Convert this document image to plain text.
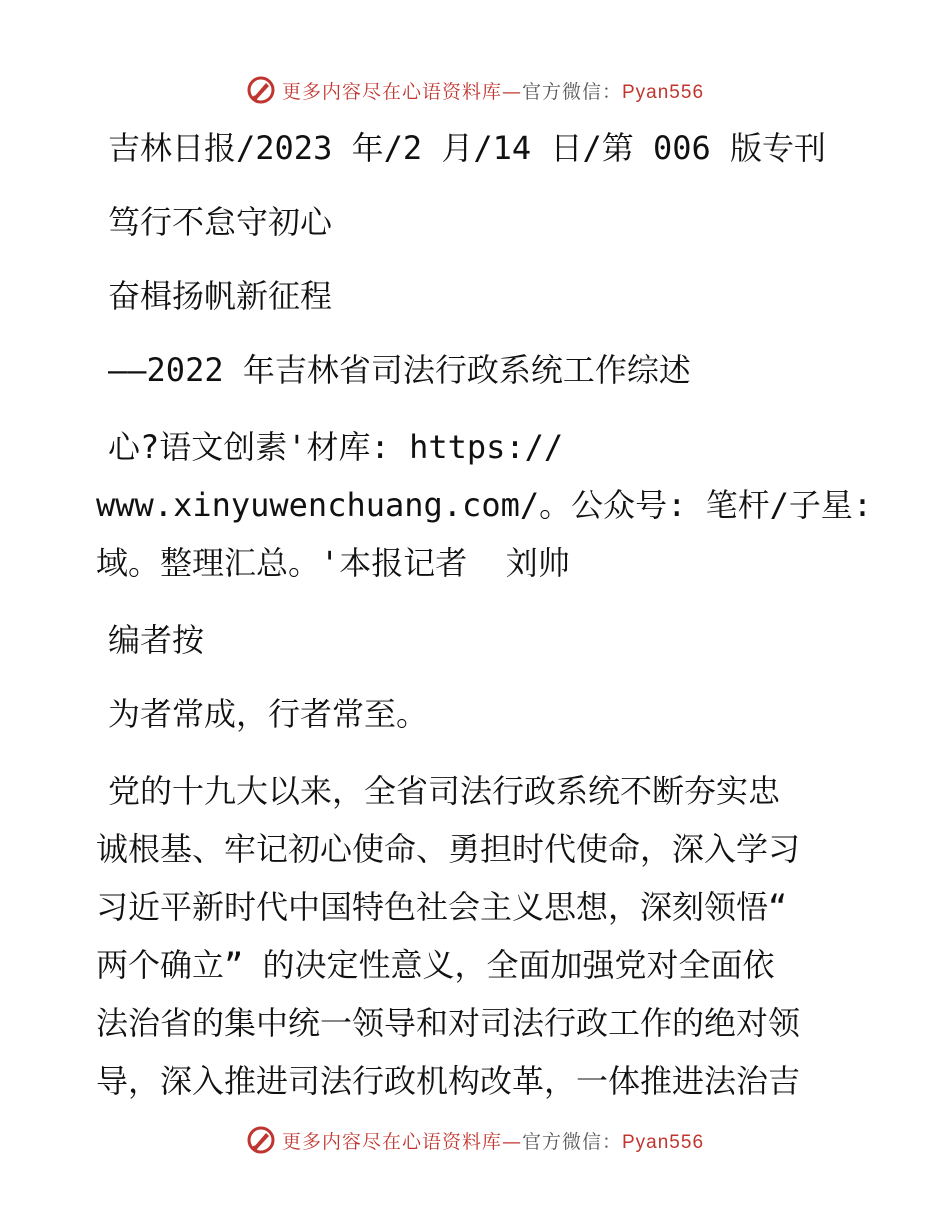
更多内容尽在心语资料库—官方微信：Pyan556

吉林日报/2023 年/2 月/14 日/第 006 版专刊

笃行不怠守初心

奋楫扬帆新征程

——2022 年吉林省司法行政系统工作综述

心?语文创素'材库: https://

www.xinyuwenchuang.com/。公众号: 笔杆/子星:

域。整理汇总。'本报记者  刘帅

编者按

为者常成，行者常至。

党的十九大以来，全省司法行政系统不断夯实忠
诚根基、牢记初心使命、勇担时代使命，深入学习
习近平新时代中国特色社会主义思想，深刻领悟“
两个确立” 的决定性意义，全面加强党对全面依
法治省的集中统一领导和对司法行政工作的绝对领
导，深入推进司法行政机构改革，一体推进法治吉
更多内容尽在心语资料库—官方微信：Pyan556
